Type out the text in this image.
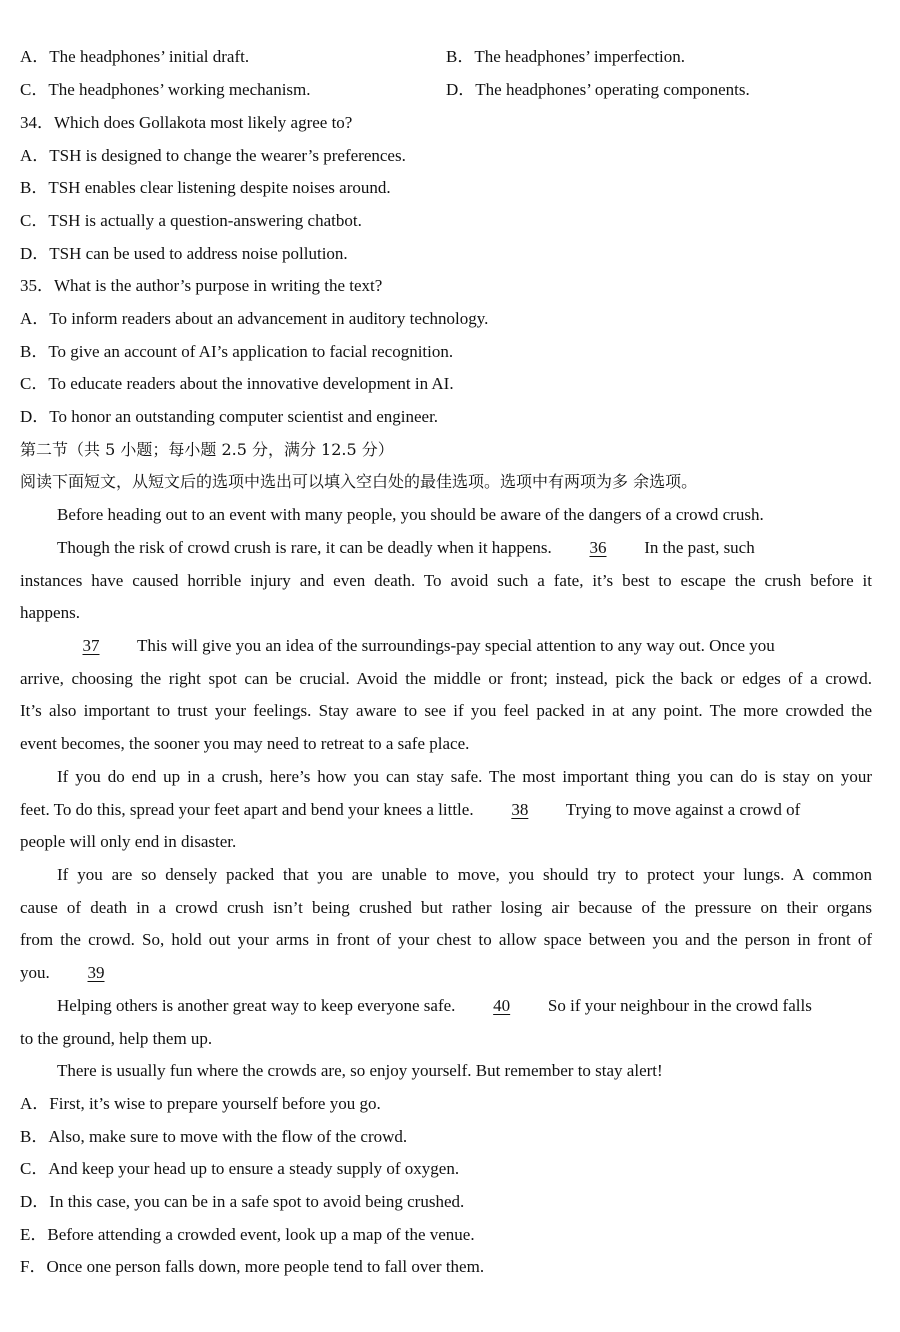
A．The headphones’ initial draft.	B．The headphones’ imperfection.
C．The headphones’ working mechanism.	D．The headphones’ operating components.
34．Which does Gollakota most likely agree to?
A．TSH is designed to change the wearer’s preferences.
B．TSH enables clear listening despite noises around.
C．TSH is actually a question-answering chatbot.
D．TSH can be used to address noise pollution.
35．What is the author’s purpose in writing the text?
A．To inform readers about an advancement in auditory technology.
B．To give an account of AI’s application to facial recognition.
C．To educate readers about the innovative development in AI.
D．To honor an outstanding computer scientist and engineer.
第二节（共 5 小题；每小题 2.5 分，满分 12.5 分）
阅读下面短文，从短文后的选项中选出可以填入空白处的最佳选项。选项中有两项为多 余选项。
Before heading out to an event with many people, you should be aware of the dangers of a crowd crush.
Though the risk of crowd crush is rare, it can be deadly when it happens. 36 In the past, such
instances have caused horrible injury and even death. To avoid such a fate, it’s best to escape the crush before it
happens.
37 This will give you an idea of the surroundings-pay special attention to any way out. Once you
arrive, choosing the right spot can be crucial. Avoid the middle or front; instead, pick the back or edges of a crowd.
It’s also important to trust your feelings. Stay aware to see if you feel packed in at any point. The more crowded the
event becomes, the sooner you may need to retreat to a safe place.
If you do end up in a crush, here’s how you can stay safe. The most important thing you can do is stay on your
feet. To do this, spread your feet apart and bend your knees a little. 38 Trying to move against a crowd of
people will only end in disaster.
If you are so densely packed that you are unable to move, you should try to protect your lungs. A common
cause of death in a crowd crush isn’t being crushed but rather losing air because of the pressure on their organs
from the crowd. So, hold out your arms in front of your chest to allow space between you and the person in front of
you. 39
Helping others is another great way to keep everyone safe. 40 So if your neighbour in the crowd falls
to the ground, help them up.
There is usually fun where the crowds are, so enjoy yourself. But remember to stay alert!
A．First, it’s wise to prepare yourself before you go.
B．Also, make sure to move with the flow of the crowd.
C．And keep your head up to ensure a steady supply of oxygen.
D．In this case, you can be in a safe spot to avoid being crushed.
E．Before attending a crowded event, look up a map of the venue.
F．Once one person falls down, more people tend to fall over them.
